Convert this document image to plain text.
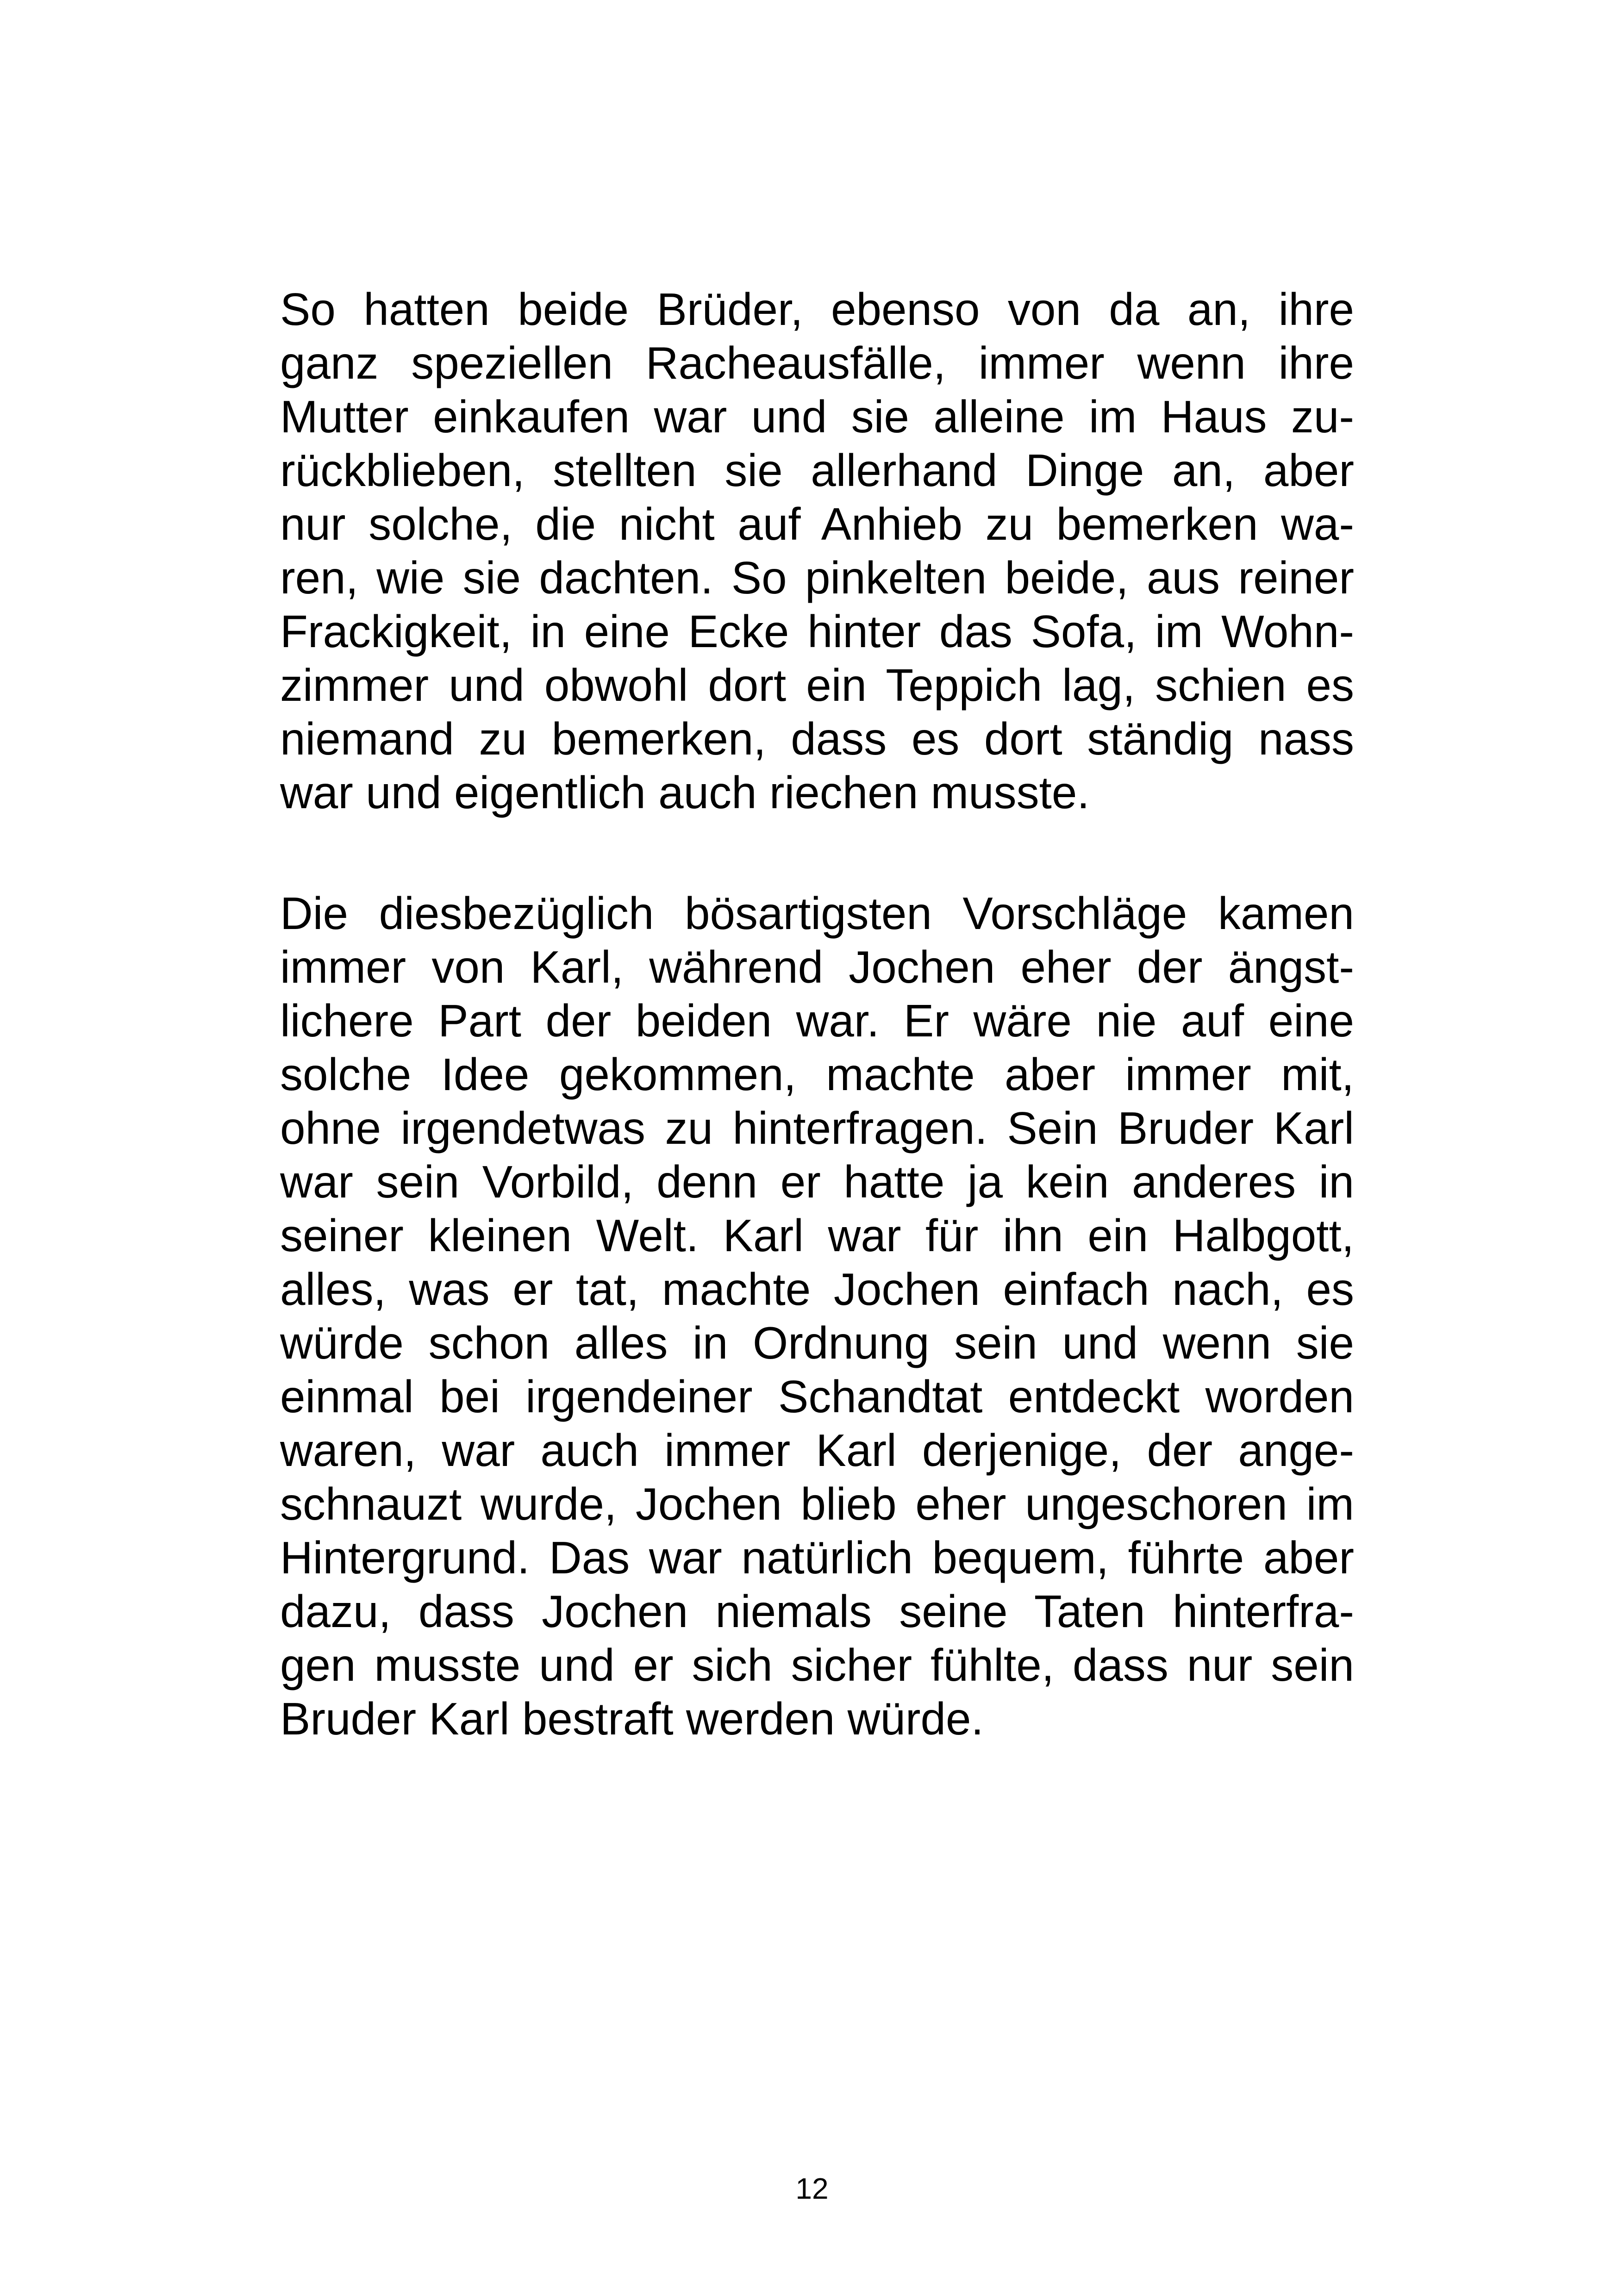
So hatten beide Brüder, ebenso von da an, ihre
ganz speziellen Racheausfälle, immer wenn ihre
Mutter einkaufen war und sie alleine im Haus zu-
rückblieben, stellten sie allerhand Dinge an, aber
nur solche, die nicht auf Anhieb zu bemerken wa-
ren, wie sie dachten. So pinkelten beide, aus reiner
Frackigkeit, in eine Ecke hinter das Sofa, im Wohn-
zimmer und obwohl dort ein Teppich lag, schien es
niemand zu bemerken, dass es dort ständig nass
war und eigentlich auch riechen musste.
Die diesbezüglich bösartigsten Vorschläge kamen
immer von Karl, während Jochen eher der ängst-
lichere Part der beiden war. Er wäre nie auf eine
solche Idee gekommen, machte aber immer mit,
ohne irgendetwas zu hinterfragen. Sein Bruder Karl
war sein Vorbild, denn er hatte ja kein anderes in
seiner kleinen Welt. Karl war für ihn ein Halbgott,
alles, was er tat, machte Jochen einfach nach, es
würde schon alles in Ordnung sein und wenn sie
einmal bei irgendeiner Schandtat entdeckt worden
waren, war auch immer Karl derjenige, der ange-
schnauzt wurde, Jochen blieb eher ungeschoren im
Hintergrund. Das war natürlich bequem, führte aber
dazu, dass Jochen niemals seine Taten hinterfra-
gen musste und er sich sicher fühlte, dass nur sein
Bruder Karl bestraft werden würde.
12
